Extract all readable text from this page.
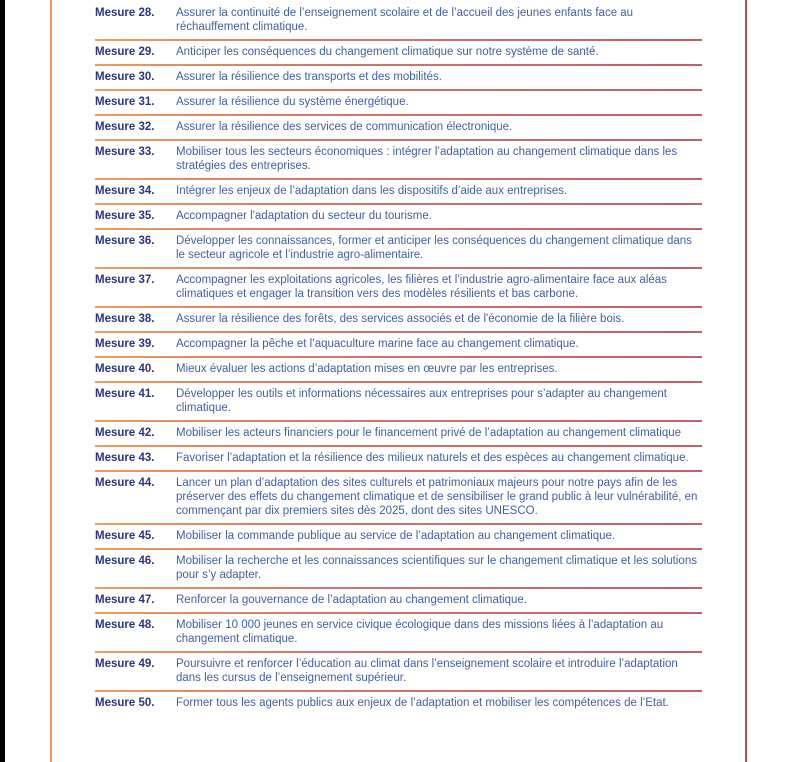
Mesure 28.	Assurer la continuité de l’enseignement scolaire et de l’accueil des jeunes enfants face au réchauffement climatique.
Mesure 29.	Anticiper les conséquences du changement climatique sur notre système de santé.
Mesure 30.	Assurer la résilience des transports et des mobilités.
Mesure 31.	Assurer la résilience du système énergétique.
Mesure 32.	Assurer la résilience des services de communication électronique.
Mesure 33.	Mobiliser tous les secteurs économiques : intégrer l’adaptation au changement climatique dans les stratégies des entreprises.
Mesure 34.	Intégrer les enjeux de l’adaptation dans les dispositifs d’aide aux entreprises.
Mesure 35.	Accompagner l'adaptation du secteur du tourisme.
Mesure 36.	Développer les connaissances, former et anticiper les conséquences du changement climatique dans le secteur agricole et l’industrie agro-alimentaire.
Mesure 37.	Accompagner les exploitations agricoles, les filières et l’industrie agro-alimentaire face aux aléas climatiques et engager la transition vers des modèles résilients et bas carbone.
Mesure 38.	Assurer la résilience des forêts, des services associés et de l'économie de la filière bois.
Mesure 39.	Accompagner la pêche et l’aquaculture marine face au changement climatique.
Mesure 40.	Mieux évaluer les actions d’adaptation mises en œuvre par les entreprises.
Mesure 41.	Développer les outils et informations nécessaires aux entreprises pour s’adapter au changement climatique.
Mesure 42.	Mobiliser les acteurs financiers pour le financement privé de l’adaptation au changement climatique
Mesure 43.	Favoriser l’adaptation et la résilience des milieux naturels et des espèces au changement climatique.
Mesure 44.	Lancer un plan d’adaptation des sites culturels et patrimoniaux majeurs pour notre pays afin de les préserver des effets du changement climatique et de sensibiliser le grand public à leur vulnérabilité, en commençant par dix premiers sites dès 2025, dont des sites UNESCO.
Mesure 45.	Mobiliser la commande publique au service de l’adaptation au changement climatique.
Mesure 46.	Mobiliser la recherche et les connaissances scientifiques sur le changement climatique et les solutions pour s’y adapter.
Mesure 47.	Renforcer la gouvernance de l’adaptation au changement climatique.
Mesure 48.	Mobiliser 10 000 jeunes en service civique écologique dans des missions liées à l’adaptation au changement climatique.
Mesure 49.	Poursuivre et renforcer l’éducation au climat dans l’enseignement scolaire et introduire l’adaptation dans les cursus de l’enseignement supérieur.
Mesure 50.	Former tous les agents publics aux enjeux de l’adaptation et mobiliser les compétences de l’Etat.
